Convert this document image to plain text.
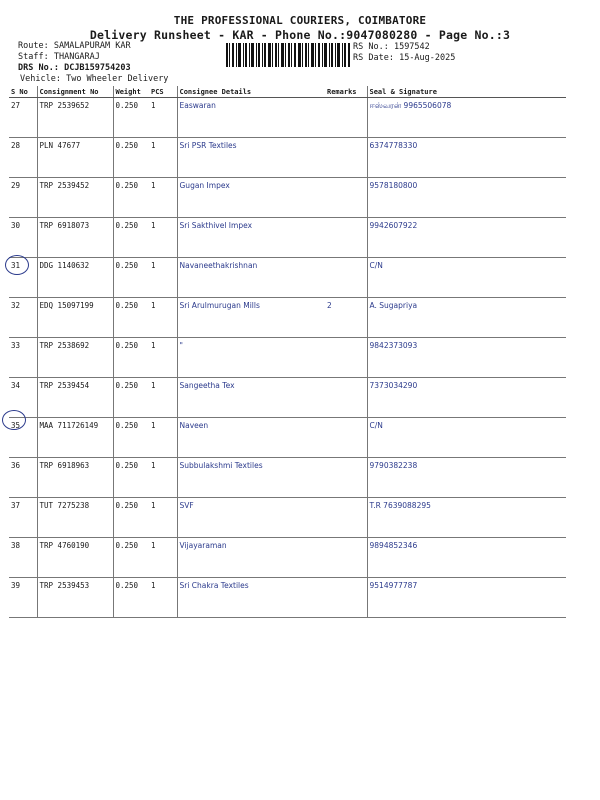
THE PROFESSIONAL COURIERS, COIMBATORE
Delivery Runsheet - KAR - Phone No.:9047080280 - Page No.:3
Route: SAMALAPURAM KAR
Staff: THANGARAJ
DRS No.: DCJB159754203
Vehicle: Two Wheeler Delivery
RS No.: 1597542
RS Date: 15-Aug-2025
S No	Consignment No	Weight	PCS	Consignee Details	Remarks	Seal & Signature
27	TRP 2539652	0.250	1	Easwaran		ஈஸ்வரன் 9965506078
28	PLN 47677	0.250	1	Sri PSR Textiles		6374778330
29	TRP 2539452	0.250	1	Gugan Impex		9578180800
30	TRP 6918073	0.250	1	Sri Sakthivel Impex		9942607922
31	DDG 1140632	0.250	1	Navaneethakrishnan		C/N
32	EDQ 15097199	0.250	1	Sri Arulmurugan Mills	2	A. Sugapriya
33	TRP 2538692	0.250	1	"		9842373093
34	TRP 2539454	0.250	1	Sangeetha Tex		7373034290
35	MAA 711726149	0.250	1	Naveen		C/N
36	TRP 6918963	0.250	1	Subbulakshmi Textiles		9790382238
37	TUT 7275238	0.250	1	SVF		T.R 7639088295
38	TRP 4760190	0.250	1	Vijayaraman		9894852346
39	TRP 2539453	0.250	1	Sri Chakra Textiles		9514977787
